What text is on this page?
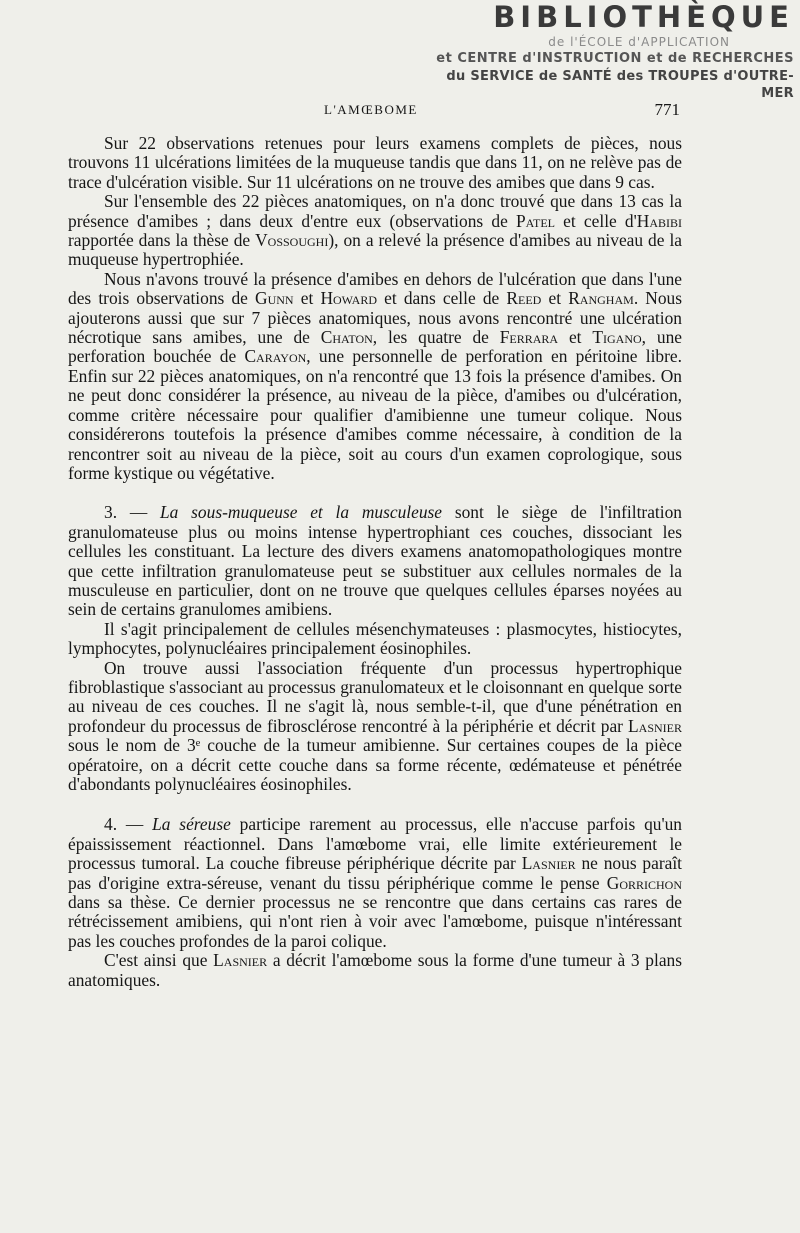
BIBLIOTHÈQUE
de l'ÉCOLE d'APPLICATION
et CENTRE d'INSTRUCTION et de RECHERCHES
du SERVICE de SANTÉ des TROUPES d'OUTRE-MER
L'AMŒBOME	771

Sur 22 observations retenues pour leurs examens complets de pièces, nous trouvons 11 ulcérations limitées de la muqueuse tandis que dans 11, on ne relève pas de trace d'ulcération visible. Sur 11 ulcérations on ne trouve des amibes que dans 9 cas.

Sur l'ensemble des 22 pièces anatomiques, on n'a donc trouvé que dans 13 cas la présence d'amibes ; dans deux d'entre eux (observations de Patel et celle d'Habibi rapportée dans la thèse de Vossoughi), on a relevé la présence d'amibes au niveau de la muqueuse hypertrophiée.

Nous n'avons trouvé la présence d'amibes en dehors de l'ulcération que dans l'une des trois observations de Gunn et Howard et dans celle de Reed et Rangham. Nous ajouterons aussi que sur 7 pièces anatomiques, nous avons rencontré une ulcération nécrotique sans amibes, une de Chaton, les quatre de Ferrara et Tigano, une perforation bouchée de Carayon, une personnelle de perforation en péritoine libre. Enfin sur 22 pièces anatomiques, on n'a rencontré que 13 fois la présence d'amibes. On ne peut donc considérer la présence, au niveau de la pièce, d'amibes ou d'ulcération, comme critère nécessaire pour qualifier d'amibienne une tumeur colique. Nous considérerons toutefois la présence d'amibes comme nécessaire, à condition de la rencontrer soit au niveau de la pièce, soit au cours d'un examen coprologique, sous forme kystique ou végétative.

3. — La sous-muqueuse et la musculeuse sont le siège de l'infiltration granulomateuse plus ou moins intense hypertrophiant ces couches, dissociant les cellules les constituant. La lecture des divers examens anatomopathologiques montre que cette infiltration granulomateuse peut se substituer aux cellules normales de la musculeuse en particulier, dont on ne trouve que quelques cellules éparses noyées au sein de certains granulomes amibiens.

Il s'agit principalement de cellules mésenchymateuses : plasmocytes, histiocytes, lymphocytes, polynucléaires principalement éosinophiles.

On trouve aussi l'association fréquente d'un processus hypertrophique fibroblastique s'associant au processus granulomateux et le cloisonnant en quelque sorte au niveau de ces couches. Il ne s'agit là, nous semble-t-il, que d'une pénétration en profondeur du processus de fibrosclérose rencontré à la périphérie et décrit par Lasnier sous le nom de 3ᵉ couche de la tumeur amibienne. Sur certaines coupes de la pièce opératoire, on a décrit cette couche dans sa forme récente, œdémateuse et pénétrée d'abondants polynucléaires éosinophiles.

4. — La séreuse participe rarement au processus, elle n'accuse parfois qu'un épaississement réactionnel. Dans l'amœbome vrai, elle limite extérieurement le processus tumoral. La couche fibreuse périphérique décrite par Lasnier ne nous paraît pas d'origine extra-séreuse, venant du tissu périphérique comme le pense Gorrichon dans sa thèse. Ce dernier processus ne se rencontre que dans certains cas rares de rétrécissement amibiens, qui n'ont rien à voir avec l'amœbome, puisque n'intéressant pas les couches profondes de la paroi colique.

C'est ainsi que Lasnier a décrit l'amœbome sous la forme d'une tumeur à 3 plans anatomiques.
